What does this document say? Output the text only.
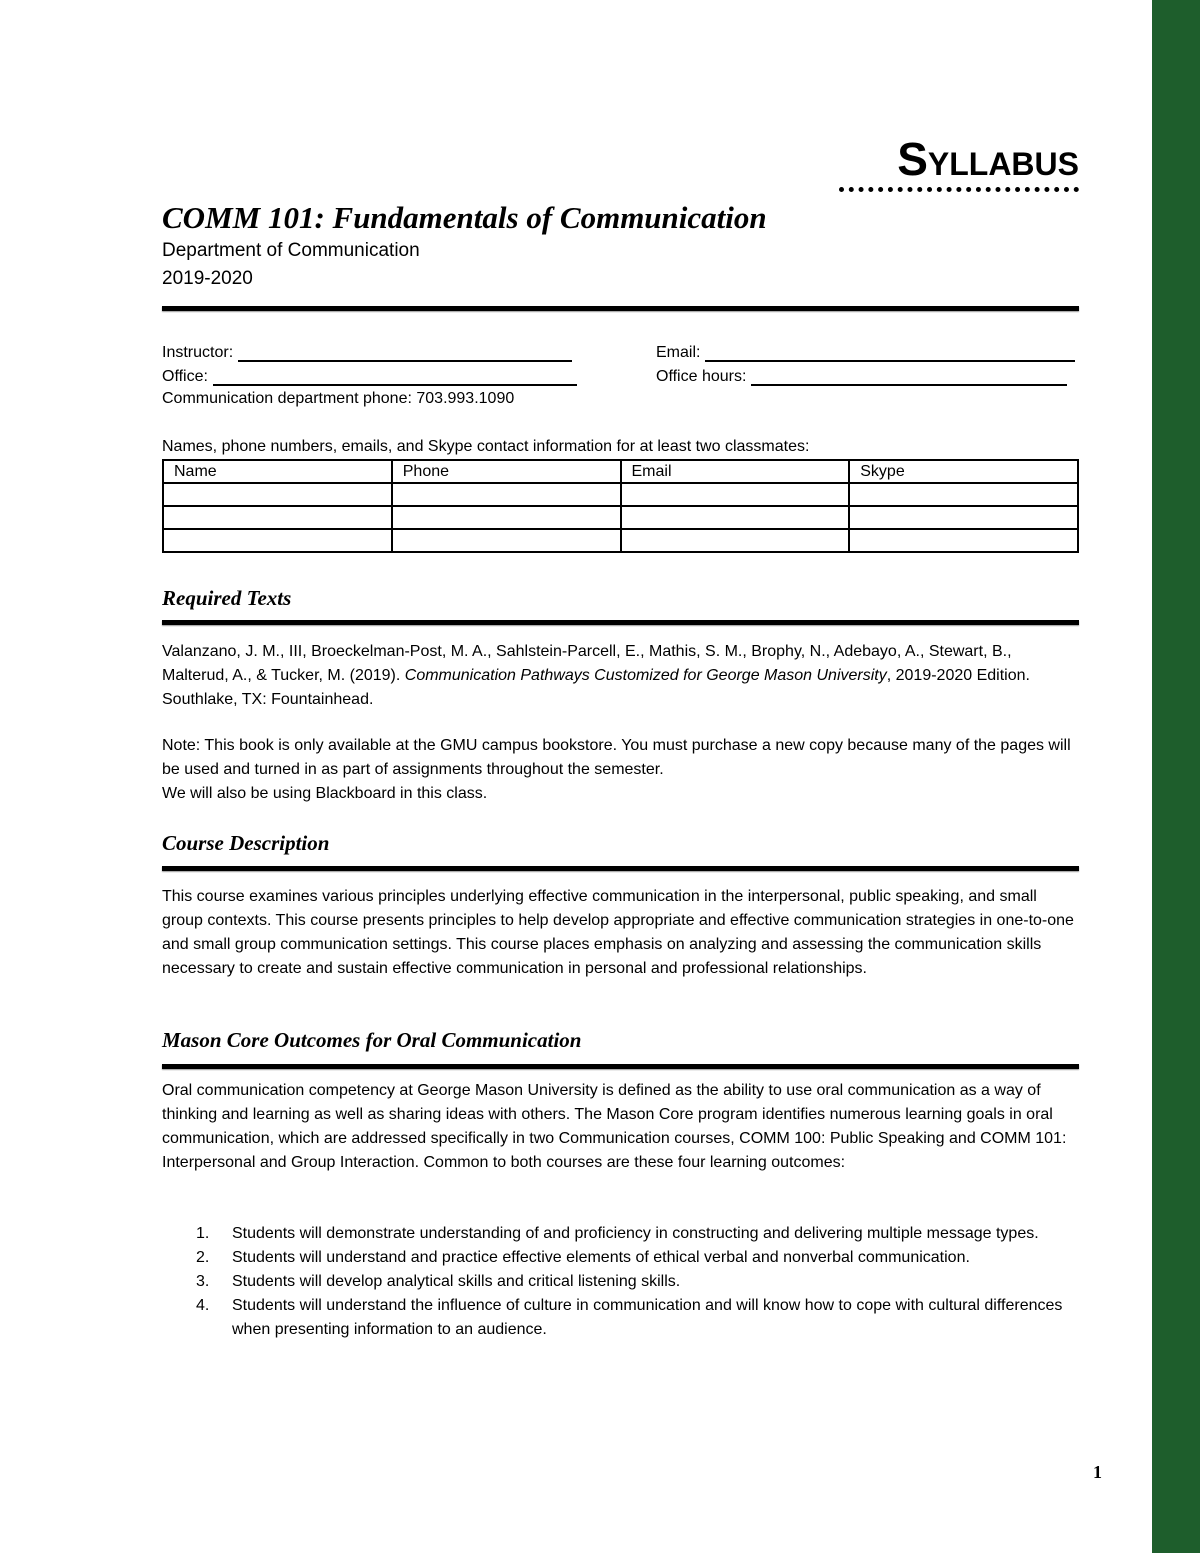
Syllabus
COMM 101: Fundamentals of Communication
Department of Communication
2019-2020
Instructor:	Email:
Office:	Office hours:
Communication department phone: 703.993.1090
Names, phone numbers, emails, and Skype contact information for at least two classmates:
Name	Phone	Email	Skype

Required Texts
Valanzano, J. M., III, Broeckelman-Post, M. A., Sahlstein-Parcell, E., Mathis, S. M., Brophy, N., Adebayo, A., Stewart, B., Malterud, A., & Tucker, M. (2019). Communication Pathways Customized for George Mason University, 2019-2020 Edition. Southlake, TX: Fountainhead.
Note: This book is only available at the GMU campus bookstore. You must purchase a new copy because many of the pages will be used and turned in as part of assignments throughout the semester.
We will also be using Blackboard in this class.
Course Description
This course examines various principles underlying effective communication in the interpersonal, public speaking, and small group contexts. This course presents principles to help develop appropriate and effective communication strategies in one-to-one and small group communication settings. This course places emphasis on analyzing and assessing the communication skills necessary to create and sustain effective communication in personal and professional relationships.
Mason Core Outcomes for Oral Communication
Oral communication competency at George Mason University is defined as the ability to use oral communication as a way of thinking and learning as well as sharing ideas with others. The Mason Core program identifies numerous learning goals in oral communication, which are addressed specifically in two Communication courses, COMM 100: Public Speaking and COMM 101: Interpersonal and Group Interaction. Common to both courses are these four learning outcomes:
1.	Students will demonstrate understanding of and proficiency in constructing and delivering multiple message types.
2.	Students will understand and practice effective elements of ethical verbal and nonverbal communication.
3.	Students will develop analytical skills and critical listening skills.
4.	Students will understand the influence of culture in communication and will know how to cope with cultural differences when presenting information to an audience.
1
